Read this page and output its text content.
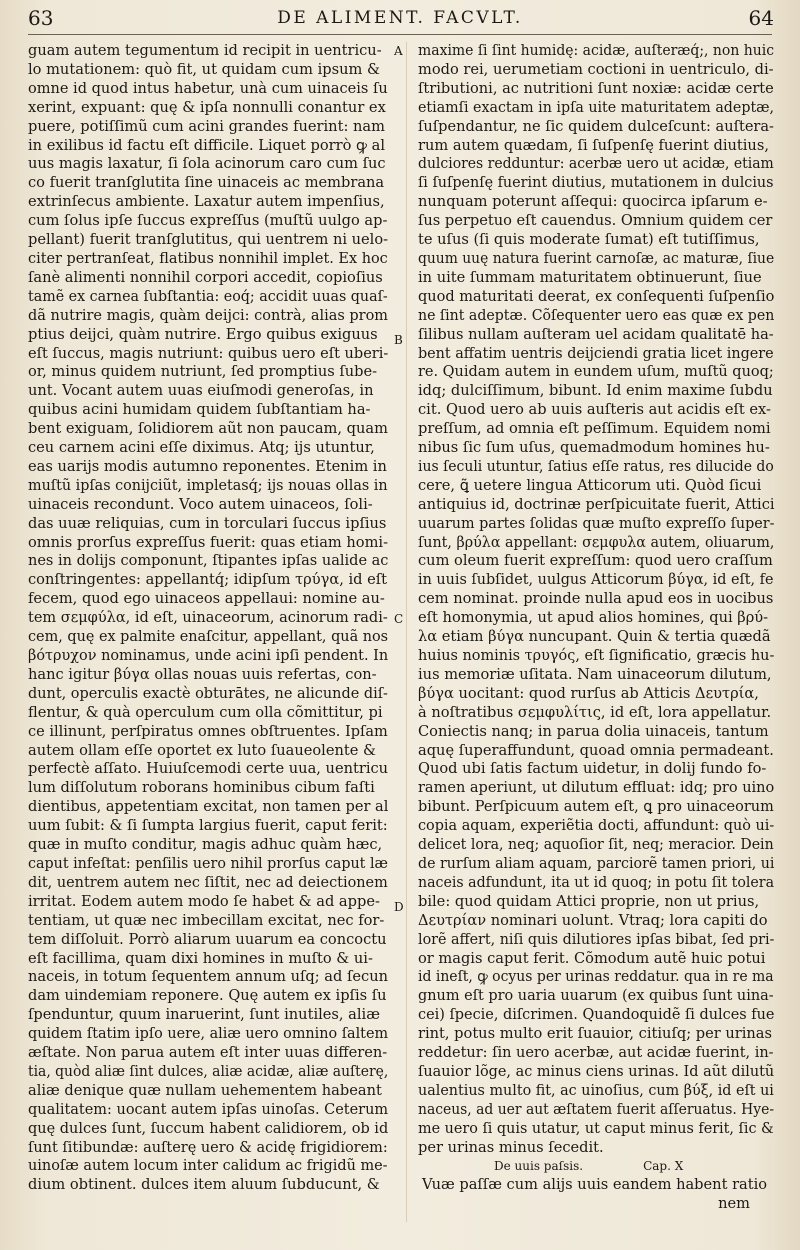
63	DE ALIMENT. FACVLT.	64
guam autem tegumentum id recipit in uentricu-
lo mutationem: quò fit, ut quidam cum ipsum &
omne id quod intus habetur, unà cum uinaceis ſu
xerint, expuant: quę & ipſa nonnulli conantur ex
puere, potiſſimũ cum acini grandes fuerint: nam
in exilibus id factu eſt difficile. Liquet porrò ꝙ al
uus magis laxatur, ſi ſola acinorum caro cum ſuc
co fuerit tranſglutita ſine uinaceis ac membrana
extrinſecus ambiente. Laxatur autem impenſius,
cum ſolus ipſe ſuccus expreſſus (muſtũ uulgo ap-
pellant) fuerit tranſglutitus, qui uentrem ni uelo-
citer pertranſeat, flatibus nonnihil implet. Ex hoc
ſanè alimenti nonnihil corpori accedit, copioſius
tamẽ ex carnea ſubſtantia: eoq́; accidit uuas quaſ-
dã nutrire magis, quàm deijci: contrà, alias prom
ptius deijci, quàm nutrire. Ergo quibus exiguus
eſt ſuccus, magis nutriunt: quibus uero eſt uberi-
or, minus quidem nutriunt, ſed promptius ſube-
unt. Vocant autem uuas eiuſmodi generoſas, in
quibus acini humidam quidem ſubſtantiam ha-
bent exiguam, ſolidiorem aũt non paucam, quam
ceu carnem acini eſſe diximus. Atq; ijs utuntur,
eas uarijs modis autumno reponentes. Etenim in
muſtũ ipſas conijciũt, impletasq́; ijs nouas ollas in
uinaceis recondunt. Voco autem uinaceos, ſoli-
das uuæ reliquias, cum in torculari ſuccus ipſius
omnis prorſus expreſſus fuerit: quas etiam homi-
nes in dolijs componunt, ſtipantes ipſas ualide ac
conſtringentes: appellantq́; idipſum τρύγα, id eſt
fecem, quod ego uinaceos appellaui: nomine au-
tem σεμφύλα, id eſt, uinaceorum, acinorum radi-
cem, quę ex palmite enaſcitur, appellant, quã nos
βότρυχον nominamus, unde acini ipſi pendent. In
hanc igitur βύγα ollas nouas uuis refertas, con-
dunt, operculis exactè obturātes, ne alicunde diſ-
flentur, & quà operculum cum olla cõmittitur, pi
ce illinunt, perſpiratus omnes obſtruentes. Ipſam
autem ollam eſſe oportet ex luto ſuaueolente &
perfectè aſſato. Huiuſcemodi certe uua, uentricu
lum diſſolutum roborans hominibus cibum faſti
dientibus, appetentiam excitat, non tamen per al
uum ſubit: & ſi ſumpta largius fuerit, caput ferit:
quæ in muſto conditur, magis adhuc quàm hæc,
caput infeſtat: penſilis uero nihil prorſus caput læ
dit, uentrem autem nec ſiſtit, nec ad deiectionem
irritat. Eodem autem modo ſe habet & ad appe-
tentiam, ut quæ nec imbecillam excitat, nec for-
tem diſſoluit. Porrò aliarum uuarum ea concoctu
eſt facillima, quam dixi homines in muſto & ui-
naceis, in totum ſequentem annum uſq; ad ſecun
dam uindemiam reponere. Quę autem ex ipſis ſu
ſpenduntur, quum inaruerint, ſunt inutiles, aliæ
quidem ſtatim ipſo uere, aliæ uero omnino ſaltem
æſtate. Non parua autem eſt inter uuas differen-
tia, quòd aliæ ſint dulces, aliæ acidæ, aliæ auſterę,
aliæ denique quæ nullam uehementem habeant
qualitatem: uocant autem ipſas uinoſas. Ceterum
quę dulces ſunt, ſuccum habent calidiorem, ob id
ſunt ſitibundæ: auſterę uero & acidę frigidiorem:
uinoſæ autem locum inter calidum ac frigidũ me-
dium obtinent. dulces item aluum ſubducunt, &
maxime ſi ſint humidę: acidæ, auſteræq́;, non huic
modo rei, uerumetiam coctioni in uentriculo, di-
ſtributioni, ac nutritioni ſunt noxiæ: acidæ certe
etiamſi exactam in ipſa uite maturitatem adeptæ,
ſuſpendantur, ne ſic quidem dulceſcunt: auſtera-
rum autem quædam, ſi ſuſpenſę fuerint diutius,
dulciores redduntur: acerbæ uero ut acidæ, etiam
ſi ſuſpenſę fuerint diutius, mutationem in dulcius
nunquam poterunt aſſequi: quocirca ipſarum e-
ſus perpetuo eſt cauendus. Omnium quidem cer
te uſus (ſi quis moderate ſumat) eſt tutiſſimus,
quum uuę natura fuerint carnoſæ, ac maturæ, ſiue
in uite ſummam maturitatem obtinuerunt, ſiue
quod maturitati deerat, ex conſequenti ſuſpenſio
ne ſint adeptæ. Cõſequenter uero eas quæ ex pen
ſilibus nullam auſteram uel acidam qualitatē ha-
bent affatim uentris deijciendi gratia licet ingere
re. Quidam autem in eundem uſum, muſtũ quoq;
idq; dulciſſimum, bibunt. Id enim maxime ſubdu
cit. Quod uero ab uuis auſteris aut acidis eſt ex-
preſſum, ad omnia eſt peſſimum. Equidem nomi
nibus ſic ſum uſus, quemadmodum homines hu-
ius ſeculi utuntur, ſatius eſſe ratus, res dilucide do
cere, ꝗ̃ uetere lingua Atticorum uti. Quòd ſicui
antiquius id, doctrinæ perſpicuitate fuerit, Attici
uuarum partes ſolidas quæ muſto expreſſo ſuper-
ſunt, βρύλα appellant: σεμφυλα autem, oliuarum,
cum oleum fuerit expreſſum: quod uero craſſum
in uuis ſubſidet, uulgus Atticorum βύγα, id eſt, fe
cem nominat. proinde nulla apud eos in uocibus
eſt homonymia, ut apud alios homines, qui βρύ-
λα etiam βύγα nuncupant. Quin & tertia quædã
huius nominis τρυγός, eſt ſignificatio, græcis hu-
ius memoriæ uſitata. Nam uinaceorum dilutum,
βύγα uocitant: quod rurſus ab Atticis Δευτρία,
à noſtratibus σεμφυλίτις, id eſt, lora appellatur.
Coniectis nanq; in parua dolia uinaceis, tantum
aquę ſuperaffundunt, quoad omnia permadeant.
Quod ubi ſatis factum uidetur, in dolij fundo fo-
ramen aperiunt, ut dilutum effluat: idq; pro uino
bibunt. Perſpicuum autem eſt, ꝗ pro uinaceorum
copia aquam, experiẽtia docti, affundunt: quò ui-
delicet lora, neq; aquoſior ſit, neq; meracior. Dein
de rurſum aliam aquam, parciorẽ tamen priori, ui
naceis adfundunt, ita ut id quoq; in potu ſit tolera
bile: quod quidam Attici proprie, non ut prius,
Δευτρίαν nominari uolunt. Vtraq; lora capiti do
lorẽ affert, niſi quis dilutiores ipſas bibat, ſed pri-
or magis caput ferit. Cõmodum autẽ huic potui
id ineſt, ꝙ ocyus per urinas reddatur. qua in re ma
gnum eſt pro uaria uuarum (ex quibus ſunt uina-
cei) ſpecie, diſcrimen. Quandoquidẽ ſi dulces fue
rint, potus multo erit ſuauior, citiuſq; per urinas
reddetur: ſin uero acerbæ, aut acidæ fuerint, in-
ſuauior lõge, ac minus ciens urinas. Id aũt dilutũ
ualentius multo fit, ac uinoſius, cum βύξ, id eſt ui
naceus, ad uer aut æſtatem fuerit aſſeruatus. Hye-
me uero ſi quis utatur, ut caput minus ferit, ſic &
per urinas minus ſecedit.
De uuis paſsis.	Cap. X
Vuæ paſſæ cum alijs uuis eandem habent ratio
nem
A
B
C
D
